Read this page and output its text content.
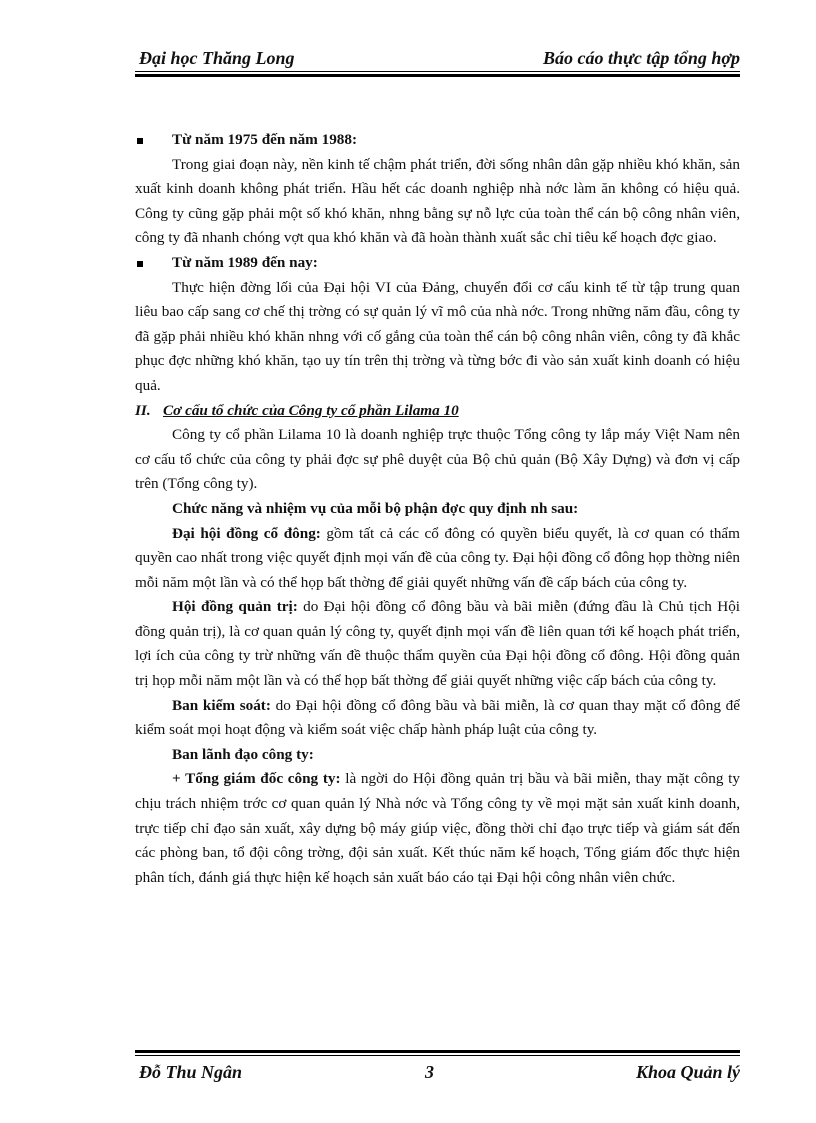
Đại học Thăng Long	Báo cáo thực tập tổng hợp

Từ năm 1975 đến năm 1988:

Trong giai đoạn này, nền kinh tế chậm phát triển, đời sống nhân dân gặp nhiều khó khăn, sản xuất kinh doanh không phát triển. Hầu hết các doanh nghiệp nhà nớc làm ăn không có hiệu quả. Công ty cũng gặp phải một số khó khăn, nhng bằng sự nỗ lực của toàn thể cán bộ công nhân viên, công ty đã nhanh chóng vợt qua khó khăn và đã hoàn thành xuất sắc chỉ tiêu kế hoạch đợc giao.

Từ năm 1989 đến nay:

Thực hiện đờng lối của Đại hội VI của Đảng, chuyển đổi cơ cấu kinh tế từ tập trung quan liêu bao cấp sang cơ chế thị trờng có sự quản lý vĩ mô của nhà nớc. Trong những năm đầu, công ty đã gặp phải nhiều khó khăn nhng với cố gắng của toàn thể cán bộ công nhân viên, công ty đã khắc phục đợc những khó khăn, tạo uy tín trên thị trờng và từng bớc đi vào sản xuất kinh doanh có hiệu quả.

II. Cơ cấu tổ chức của Công ty cổ phần Lilama 10

Công ty cổ phần Lilama 10 là doanh nghiệp trực thuộc Tổng công ty lắp máy Việt Nam nên cơ cấu tổ chức của công ty phải đợc sự phê duyệt của Bộ chủ quản (Bộ Xây Dựng) và đơn vị cấp trên (Tổng công ty).

Chức năng và nhiệm vụ của mỗi bộ phận đợc quy định nh sau:

Đại hội đồng cổ đông: gồm tất cả các cổ đông có quyền biểu quyết, là cơ quan có thẩm quyền cao nhất trong việc quyết định mọi vấn đề của công ty. Đại hội đồng cổ đông họp thờng niên mỗi năm một lần và có thể họp bất thờng để giải quyết những vấn đề cấp bách của công ty.

Hội đồng quản trị: do Đại hội đồng cổ đông bầu và bãi miễn (đứng đầu là Chủ tịch Hội đồng quản trị), là cơ quan quản lý công ty, quyết định mọi vấn đề liên quan tới kế hoạch phát triển, lợi ích của công ty trừ những vấn đề thuộc thẩm quyền của Đại hội đồng cổ đông. Hội đồng quản trị họp mỗi năm một lần và có thể họp bất thờng để giải quyết những việc cấp bách của công ty.

Ban kiểm soát: do Đại hội đồng cổ đông bầu và bãi miễn, là cơ quan thay mặt cổ đông để kiểm soát mọi hoạt động và kiểm soát việc chấp hành pháp luật của công ty.

Ban lãnh đạo công ty:

+ Tổng giám đốc công ty: là ngời do Hội đồng quản trị bầu và bãi miễn, thay mặt công ty chịu trách nhiệm trớc cơ quan quản lý Nhà nớc và Tổng công ty về mọi mặt sản xuất kinh doanh, trực tiếp chỉ đạo sản xuất, xây dựng bộ máy giúp việc, đồng thời chỉ đạo trực tiếp và giám sát đến các phòng ban, tổ đội công trờng, đội sản xuất. Kết thúc năm kế hoạch, Tổng giám đốc thực hiện phân tích, đánh giá thực hiện kế hoạch sản xuất báo cáo tại Đại hội công nhân viên chức.

Đỗ Thu Ngân	3	Khoa Quản lý
